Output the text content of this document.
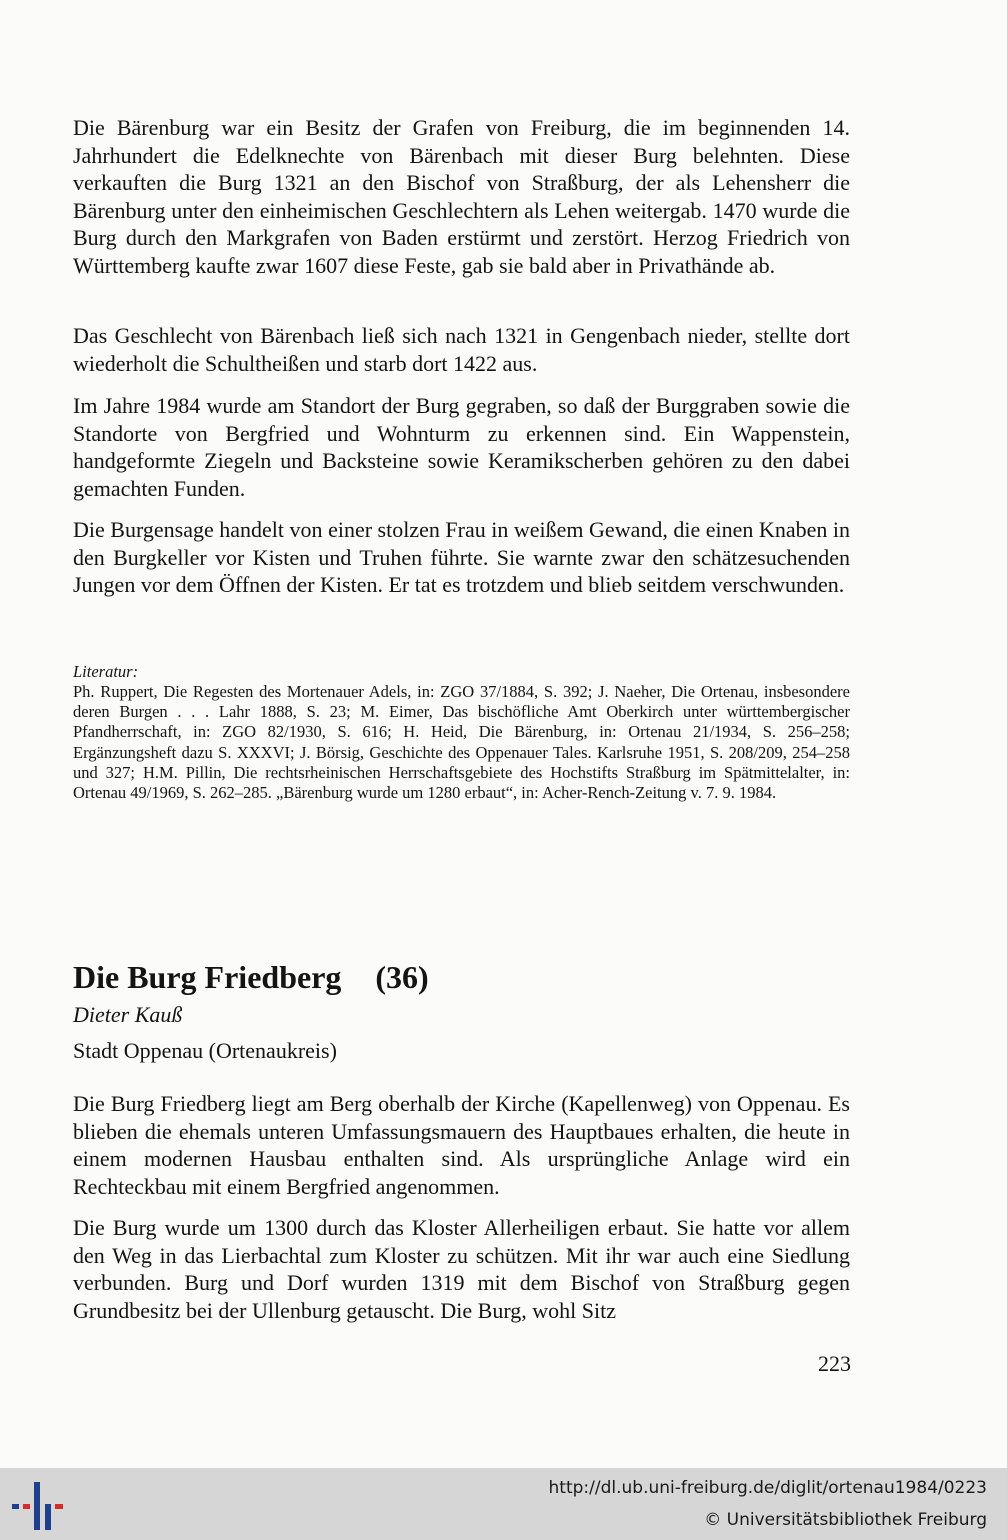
Die Bärenburg war ein Besitz der Grafen von Freiburg, die im beginnenden 14. Jahrhundert die Edelknechte von Bärenbach mit dieser Burg belehnten. Diese verkauften die Burg 1321 an den Bischof von Straßburg, der als Lehensherr die Bärenburg unter den einheimischen Geschlechtern als Lehen weitergab. 1470 wurde die Burg durch den Markgrafen von Baden erstürmt und zerstört. Herzog Friedrich von Württemberg kaufte zwar 1607 diese Feste, gab sie bald aber in Privathände ab.

Das Geschlecht von Bärenbach ließ sich nach 1321 in Gengenbach nieder, stellte dort wiederholt die Schultheißen und starb dort 1422 aus.

Im Jahre 1984 wurde am Standort der Burg gegraben, so daß der Burggraben sowie die Standorte von Bergfried und Wohnturm zu erkennen sind. Ein Wappenstein, handgeformte Ziegeln und Backsteine sowie Keramikscherben gehören zu den dabei gemachten Funden.

Die Burgensage handelt von einer stolzen Frau in weißem Gewand, die einen Knaben in den Burgkeller vor Kisten und Truhen führte. Sie warnte zwar den schätzesuchenden Jungen vor dem Öffnen der Kisten. Er tat es trotzdem und blieb seitdem verschwunden.

Literatur:

Ph. Ruppert, Die Regesten des Mortenauer Adels, in: ZGO 37/1884, S. 392; J. Naeher, Die Ortenau, insbesondere deren Burgen . . . Lahr 1888, S. 23; M. Eimer, Das bischöfliche Amt Oberkirch unter württembergischer Pfandherrschaft, in: ZGO 82/1930, S. 616; H. Heid, Die Bärenburg, in: Ortenau 21/1934, S. 256–258; Ergänzungsheft dazu S. XXXVI; J. Börsig, Geschichte des Oppenauer Tales. Karlsruhe 1951, S. 208/209, 254–258 und 327; H.M. Pillin, Die rechtsrheinischen Herrschaftsgebiete des Hochstifts Straßburg im Spätmittelalter, in: Ortenau 49/1969, S. 262–285. „Bärenburg wurde um 1280 erbaut“, in: Acher-Rench-Zeitung v. 7. 9. 1984.

Die Burg Friedberg (36)

Dieter Kauß

Stadt Oppenau (Ortenaukreis)

Die Burg Friedberg liegt am Berg oberhalb der Kirche (Kapellenweg) von Oppenau. Es blieben die ehemals unteren Umfassungsmauern des Hauptbaues erhalten, die heute in einem modernen Hausbau enthalten sind. Als ursprüngliche Anlage wird ein Rechteckbau mit einem Bergfried angenommen.

Die Burg wurde um 1300 durch das Kloster Allerheiligen erbaut. Sie hatte vor allem den Weg in das Lierbachtal zum Kloster zu schützen. Mit ihr war auch eine Siedlung verbunden. Burg und Dorf wurden 1319 mit dem Bischof von Straßburg gegen Grundbesitz bei der Ullenburg getauscht. Die Burg, wohl Sitz

223
http://dl.ub.uni-freiburg.de/diglit/ortenau1984/0223

© Universitätsbibliothek Freiburg
